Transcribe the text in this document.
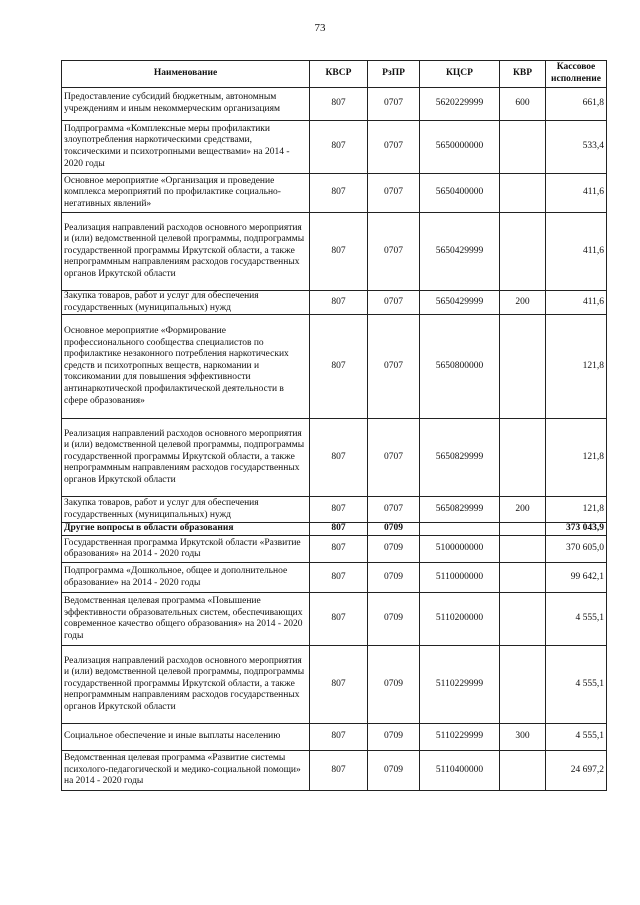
73
Наименование	КВСР	РзПР	КЦСР	КВР	Кассовое исполнение
Предоставление субсидий бюджетным, автономным учреждениям и иным некоммерческим организациям	807	0707	5620229999	600	661,8
Подпрограмма «Комплексные меры профилактики злоупотребления наркотическими средствами, токсическими и психотропными веществами» на 2014 - 2020 годы	807	0707	5650000000		533,4
Основное мероприятие «Организация и проведение комплекса мероприятий по профилактике социально-негативных явлений»	807	0707	5650400000		411,6
Реализация направлений расходов основного мероприятия и (или) ведомственной целевой программы, подпрограммы государственной программы Иркутской области, а также непрограммным направлениям расходов государственных органов Иркутской области	807	0707	5650429999		411,6
Закупка товаров, работ и услуг для обеспечения государственных (муниципальных) нужд	807	0707	5650429999	200	411,6
Основное мероприятие «Формирование профессионального сообщества специалистов по профилактике незаконного потребления наркотических средств и психотропных веществ, наркомании и токсикомании для повышения эффективности антинаркотической профилактической деятельности в сфере образования»	807	0707	5650800000		121,8
Реализация направлений расходов основного мероприятия и (или) ведомственной целевой программы, подпрограммы государственной программы Иркутской области, а также непрограммным направлениям расходов государственных органов Иркутской области	807	0707	5650829999		121,8
Закупка товаров, работ и услуг для обеспечения государственных (муниципальных) нужд	807	0707	5650829999	200	121,8
Другие вопросы в области образования	807	0709			373 043,9
Государственная программа Иркутской области «Развитие образования» на 2014 - 2020 годы	807	0709	5100000000		370 605,0
Подпрограмма «Дошкольное, общее и дополнительное образование» на 2014 - 2020 годы	807	0709	5110000000		99 642,1
Ведомственная целевая программа «Повышение эффективности образовательных систем, обеспечивающих современное качество общего образования» на 2014 - 2020 годы	807	0709	5110200000		4 555,1
Реализация направлений расходов основного мероприятия и (или) ведомственной целевой программы, подпрограммы государственной программы Иркутской области, а также непрограммным направлениям расходов государственных органов Иркутской области	807	0709	5110229999		4 555,1
Социальное обеспечение и иные выплаты населению	807	0709	5110229999	300	4 555,1
Ведомственная целевая программа «Развитие системы психолого-педагогической и медико-социальной помощи» на 2014 - 2020 годы	807	0709	5110400000		24 697,2
